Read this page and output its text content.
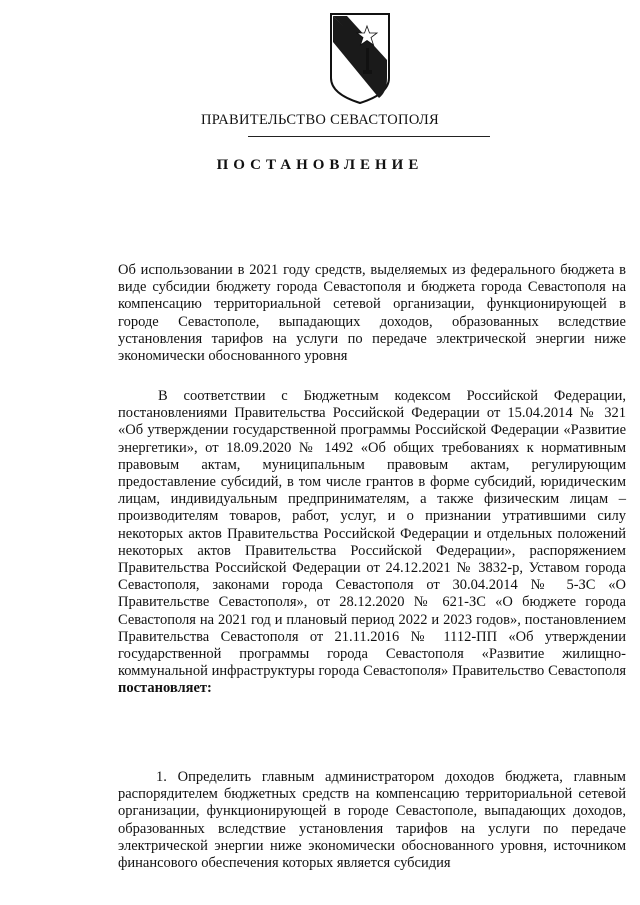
ПРАВИТЕЛЬСТВО СЕВАСТОПОЛЯ
ПОСТАНОВЛЕНИЕ
Об использовании в 2021 году средств, выделяемых из федерального бюджета в виде субсидии бюджету города Севастополя и бюджета города Севастополя на компенсацию территориальной сетевой организации, функционирующей в городе Севастополе, выпадающих доходов, образованных вследствие установления тарифов на услуги по передаче электрической энергии ниже экономически обоснованного уровня
В соответствии с Бюджетным кодексом Российской Федерации, постановлениями Правительства Российской Федерации от 15.04.2014 № 321 «Об утверждении государственной программы Российской Федерации «Развитие энергетики», от 18.09.2020 № 1492 «Об общих требованиях к нормативным правовым актам, муниципальным правовым актам, регулирующим предоставление субсидий, в том числе грантов в форме субсидий, юридическим лицам, индивидуальным предпринимателям, а также физическим лицам – производителям товаров, работ, услуг, и о признании утратившими силу некоторых актов Правительства Российской Федерации и отдельных положений некоторых актов Правительства Российской Федерации», распоряжением Правительства Российской Федерации от 24.12.2021 № 3832-р, Уставом города Севастополя, законами города Севастополя от 30.04.2014 № 5-ЗС «О Правительстве Севастополя», от 28.12.2020 № 621-ЗС «О бюджете города Севастополя на 2021 год и плановый период 2022 и 2023 годов», постановлением Правительства Севастополя от 21.11.2016 № 1112-ПП «Об утверждении государственной программы города Севастополя «Развитие жилищно-коммунальной инфраструктуры города Севастополя» Правительство Севастополя постановляет:
1. Определить главным администратором доходов бюджета, главным распорядителем бюджетных средств на компенсацию территориальной сетевой организации, функционирующей в городе Севастополе, выпадающих доходов, образованных вследствие установления тарифов на услуги по передаче электрической энергии ниже экономически обоснованного уровня, источником финансового обеспечения которых является субсидия
